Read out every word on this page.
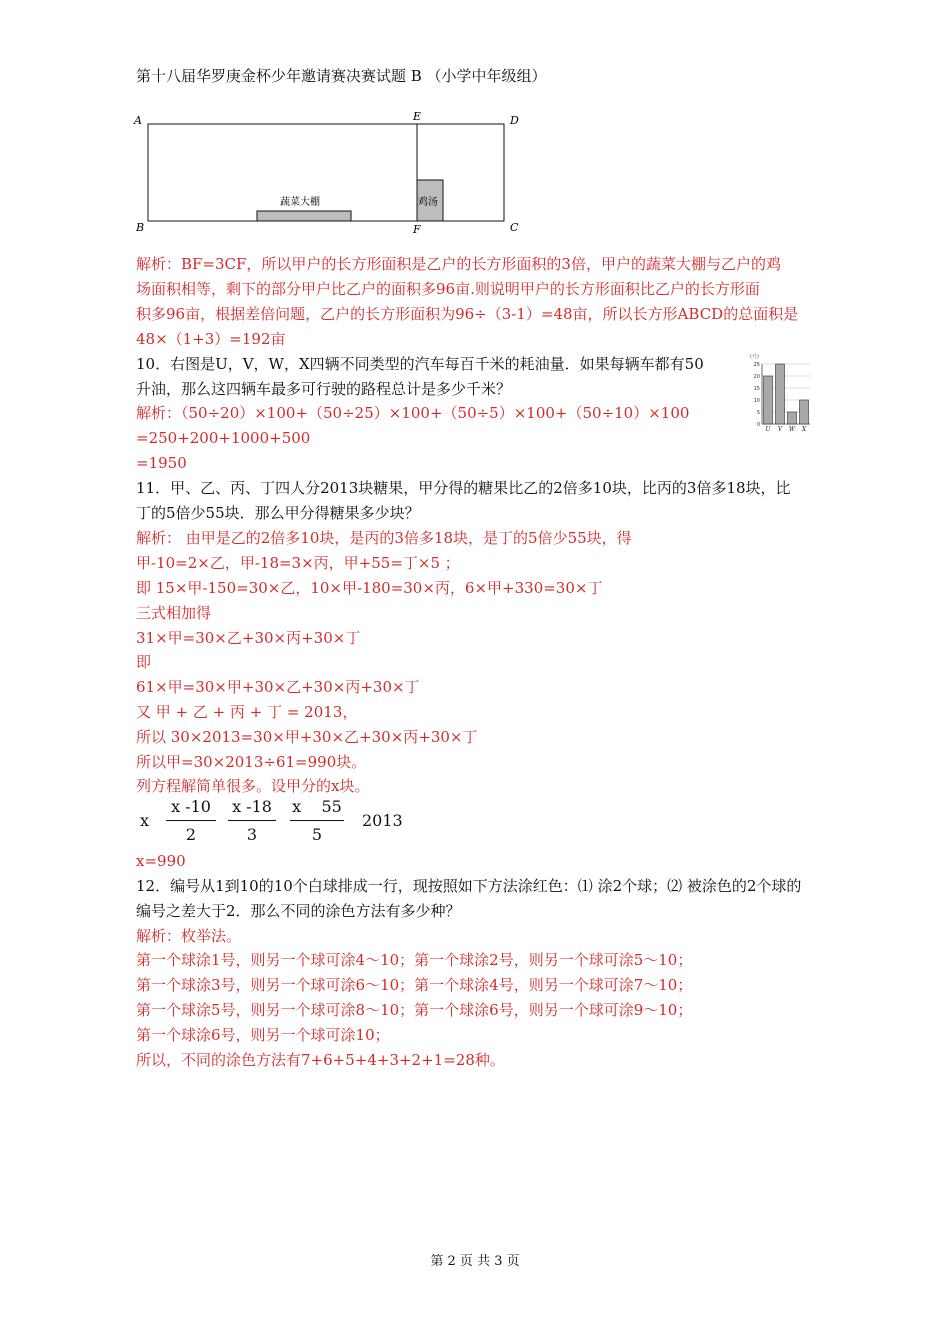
第十八届华罗庚金杯少年邀请赛决赛试题 B （小学中年级组）
A
B
E	D
F	C
蔬菜大棚	鸡汤
解析：BF=3CF，所以甲户的长方形面积是乙户的长方形面积的3倍，甲户的蔬菜大棚与乙户的鸡
场面积相等，剩下的部分甲户比乙户的面积多96亩.则说明甲户的长方形面积比乙户的长方形面
积多96亩，根据差倍问题，乙户的长方形面积为96÷（3-1）=48亩，所以长方形ABCD的总面积是
48×（1+3）=192亩
10．右图是U，V，W，X四辆不同类型的汽车每百千米的耗油量．如果每辆车都有50
升油，那么这四辆车最多可行驶的路程总计是多少千米？
解析：（50÷20）×100+（50÷25）×100+（50÷5）×100+（50÷10）×100
=250+200+1000+500
=1950
(升)
25
20
15
10
5
0
U V W X
11．甲、乙、丙、丁四人分2013块糖果，甲分得的糖果比乙的2倍多10块，比丙的3倍多18块，比
丁的5倍少55块．那么甲分得糖果多少块？
解析： 由甲是乙的2倍多10块，是丙的3倍多18块，是丁的5倍少55块，得
甲-10=2×乙，甲-18=3×丙，甲+55=丁×5 ；
即 15×甲-150=30×乙，10×甲-180=30×丙，6×甲+330=30×丁
三式相加得
31×甲=30×乙+30×丙+30×丁
即
61×甲=30×甲+30×乙+30×丙+30×丁
又 甲 + 乙 + 丙 + 丁 = 2013，
所以 30×2013=30×甲+30×乙+30×丙+30×丁
所以甲=30×2013÷61=990块。
列方程解简单很多。设甲分的x块。
x $\frac{x -10}{2} \frac{x -18}{3} \frac{x 55}{5} 2013$
x=990
12．编号从1到10的10个白球排成一行，现按照如下方法涂红色：⑴ 涂2个球；⑵ 被涂色的2个球的
编号之差大于2．那么不同的涂色方法有多少种？
解析：枚举法。
第一个球涂1号，则另一个球可涂4～10；第一个球涂2号，则另一个球可涂5～10；
第一个球涂3号，则另一个球可涂6～10；第一个球涂4号，则另一个球可涂7～10；
第一个球涂5号，则另一个球可涂8～10；第一个球涂6号，则另一个球可涂9～10；
第一个球涂6号，则另一个球可涂10；
所以，不同的涂色方法有7+6+5+4+3+2+1=28种。
第 2 页 共 3 页
